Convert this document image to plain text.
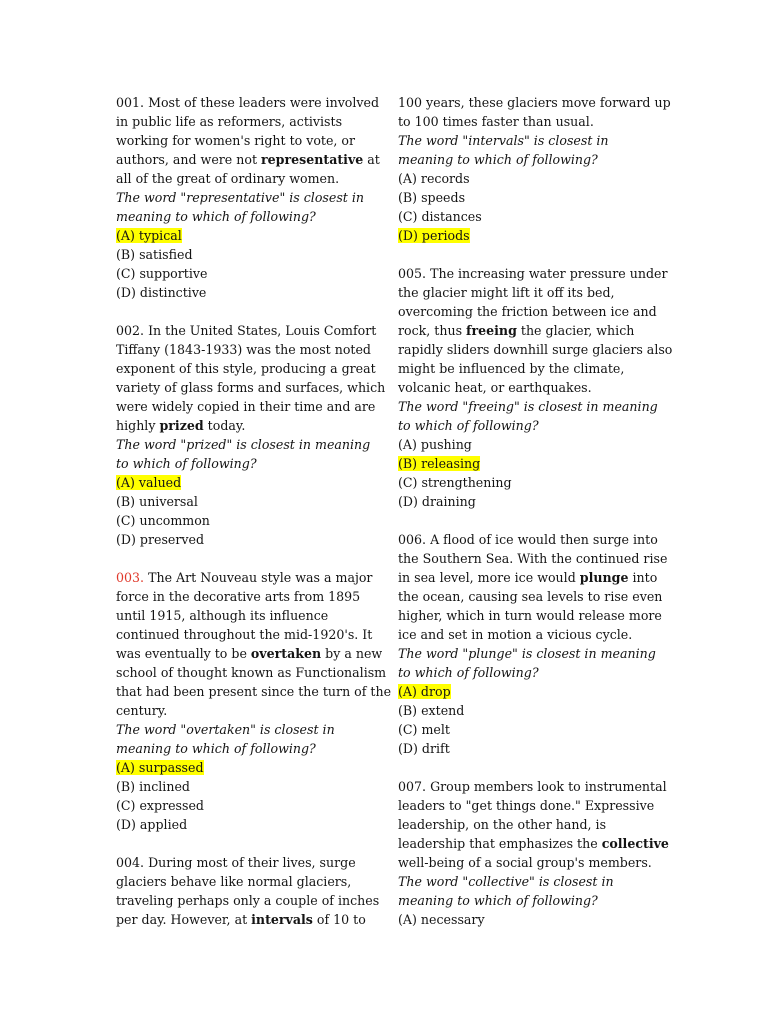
001. Most of these leaders were involved
in public life as reformers, activists
working for women's right to vote, or
authors, and were not representative at
all of the great of ordinary women.
The word "representative" is closest in
meaning to which of following?
(A) typical
(B) satisfied
(C) supportive
(D) distinctive
002. In the United States, Louis Comfort
Tiffany (1843-1933) was the most noted
exponent of this style, producing a great
variety of glass forms and surfaces, which
were widely copied in their time and are
highly prized today.
The word "prized" is closest in meaning
to which of following?
(A) valued
(B) universal
(C) uncommon
(D) preserved
003. The Art Nouveau style was a major
force in the decorative arts from 1895
until 1915, although its influence
continued throughout the mid-1920's. It
was eventually to be overtaken by a new
school of thought known as Functionalism
that had been present since the turn of the
century.
The word "overtaken" is closest in
meaning to which of following?
(A) surpassed
(B) inclined
(C) expressed
(D) applied
004. During most of their lives, surge
glaciers behave like normal glaciers,
traveling perhaps only a couple of inches
per day. However, at intervals of 10 to
100 years, these glaciers move forward up
to 100 times faster than usual.
The word "intervals" is closest in
meaning to which of following?
(A) records
(B) speeds
(C) distances
(D) periods
005. The increasing water pressure under
the glacier might lift it off its bed,
overcoming the friction between ice and
rock, thus freeing the glacier, which
rapidly sliders downhill surge glaciers also
might be influenced by the climate,
volcanic heat, or earthquakes.
The word "freeing" is closest in meaning
to which of following?
(A) pushing
(B) releasing
(C) strengthening
(D) draining
006. A flood of ice would then surge into
the Southern Sea. With the continued rise
in sea level, more ice would plunge into
the ocean, causing sea levels to rise even
higher, which in turn would release more
ice and set in motion a vicious cycle.
The word "plunge" is closest in meaning
to which of following?
(A) drop
(B) extend
(C) melt
(D) drift
007. Group members look to instrumental
leaders to "get things done." Expressive
leadership, on the other hand, is
leadership that emphasizes the collective
well-being of a social group's members.
The word "collective" is closest in
meaning to which of following?
(A) necessary
